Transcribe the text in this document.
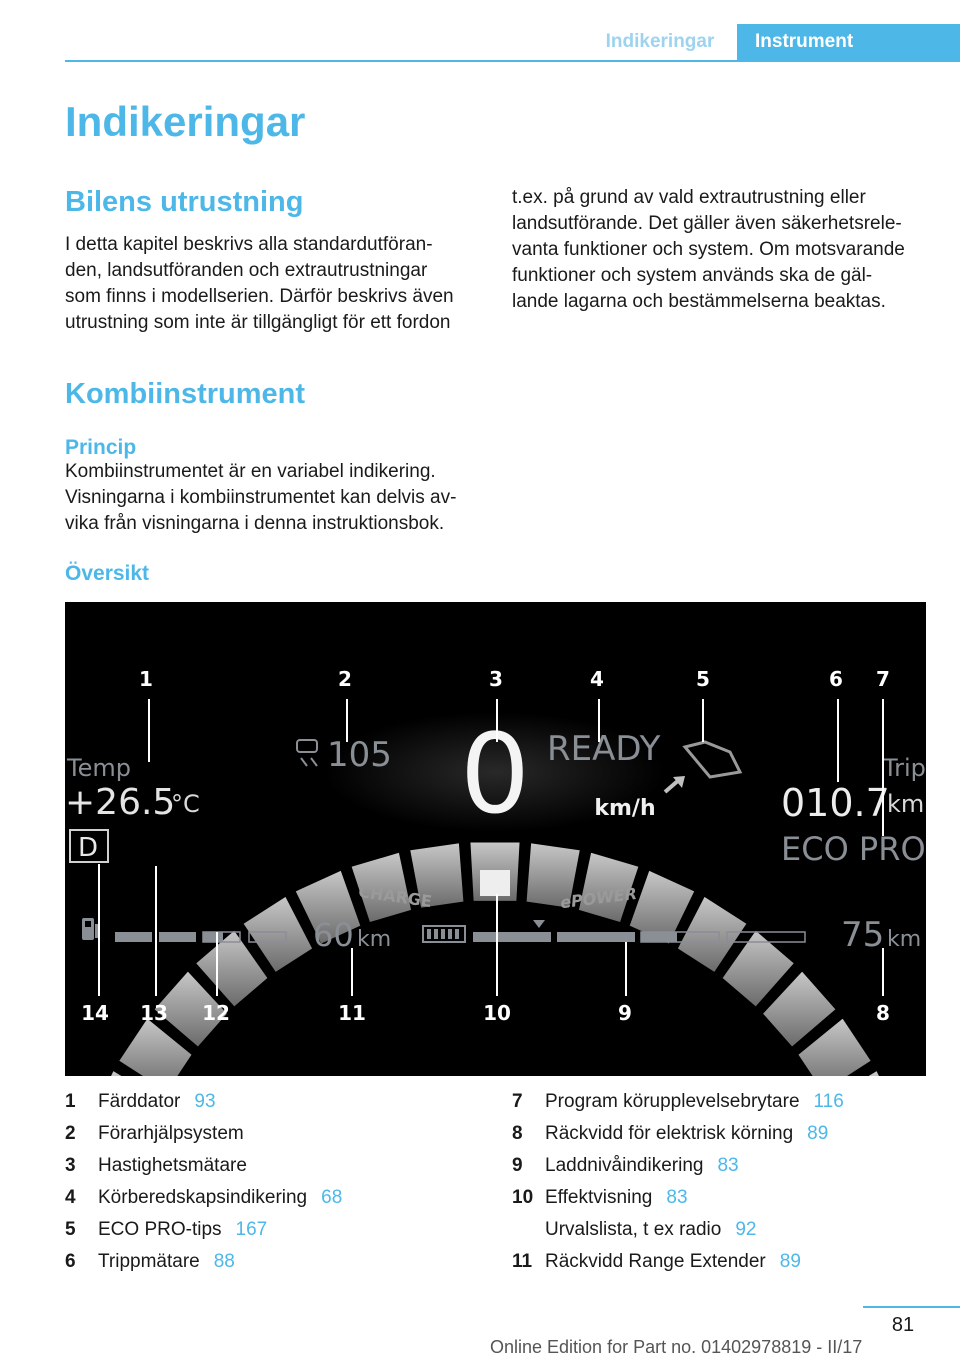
Indikeringar	Instrument
Indikeringar
Bilens utrustning
I detta kapitel beskrivs alla standardutföran-
den, landsutföranden och extrautrustningar
som finns i modellserien. Därför beskrivs även
utrustning som inte är tillgängligt för ett fordon
t.ex. på grund av vald extrautrustning eller
landsutförande. Det gäller även säkerhetsrele-
vanta funktioner och system. Om motsvarande
funktioner och system används ska de gäl-
lande lagarna och bestämmelserna beaktas.
Kombiinstrument
Princip
Kombiinstrumentet är en variabel indikering.
Visningarna i kombiinstrumentet kan delvis av-
vika från visningarna i denna instruktionsbok.
Översikt
Temp
+26.5
°C
D
105 0	km/h
READY	Trip
010.7
km
ECO PRO
CHARGE	ePOWER
60 km	75 km
1	2	3	4	5	6 7
14 13 12	11	10	9	8
1 Färddator 93
2 Förarhjälpsystem
3 Hastighetsmätare
4 Körberedskapsindikering 68
5 ECO PRO-tips 167
6 Trippmätare 88
7 Program körupplevelsebrytare 116
8 Räckvidd för elektrisk körning 89
9 Laddnivåindikering 83
10 Effektvisning 83
Urvalslista, t ex radio 92
11 Räckvidd Range Extender 89
81
Online Edition for Part no. 01402978819 - II/17
